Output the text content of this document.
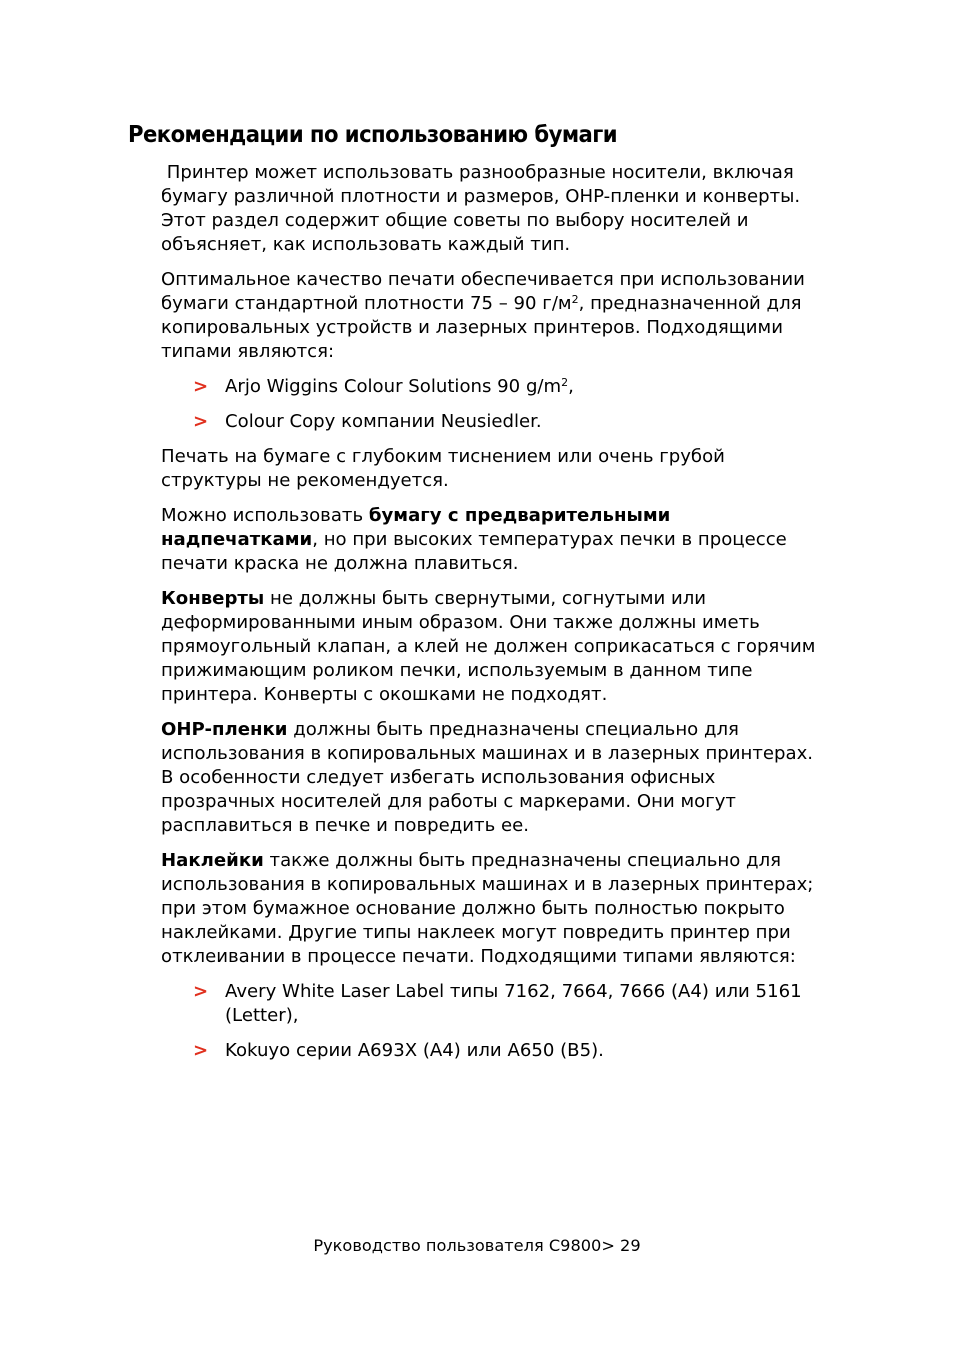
Рекомендации по использованию бумаги

Принтер может использовать разнообразные носители, включая бумагу различной плотности и размеров, OHP-пленки и конверты. Этот раздел содержит общие советы по выбору носителей и объясняет, как использовать каждый тип.

Оптимальное качество печати обеспечивается при использовании бумаги стандартной плотности 75 – 90 $г/м^2$, предназначенной для копировальных устройств и лазерных принтеров. Подходящими типами являются:

> Arjo Wiggins Colour Solutions 90 $g/m^2$,
> Colour Copy компании Neusiedler.

Печать на бумаге с глубоким тиснением или очень грубой структуры не рекомендуется.

Можно использовать бумагу с предварительными надпечатками, но при высоких температурах печки в процессе печати краска не должна плавиться.

Конверты не должны быть свернутыми, согнутыми или деформированными иным образом. Они также должны иметь прямоугольный клапан, а клей не должен соприкасаться с горячим прижимающим роликом печки, используемым в данном типе принтера. Конверты с окошками не подходят.

OHP-пленки должны быть предназначены специально для использования в копировальных машинах и в лазерных принтерах. В особенности следует избегать использования офисных прозрачных носителей для работы с маркерами. Они могут расплавиться в печке и повредить ее.

Наклейки также должны быть предназначены специально для использования в копировальных машинах и в лазерных принтерах; при этом бумажное основание должно быть полностью покрыто наклейками. Другие типы наклеек могут повредить принтер при отклеивании в процессе печати. Подходящими типами являются:

> Avery White Laser Label типы 7162, 7664, 7666 (A4) или 5161 (Letter),
> Kokuyo серии A693X (A4) или A650 (B5).
Руководство пользователя C9800> 29
